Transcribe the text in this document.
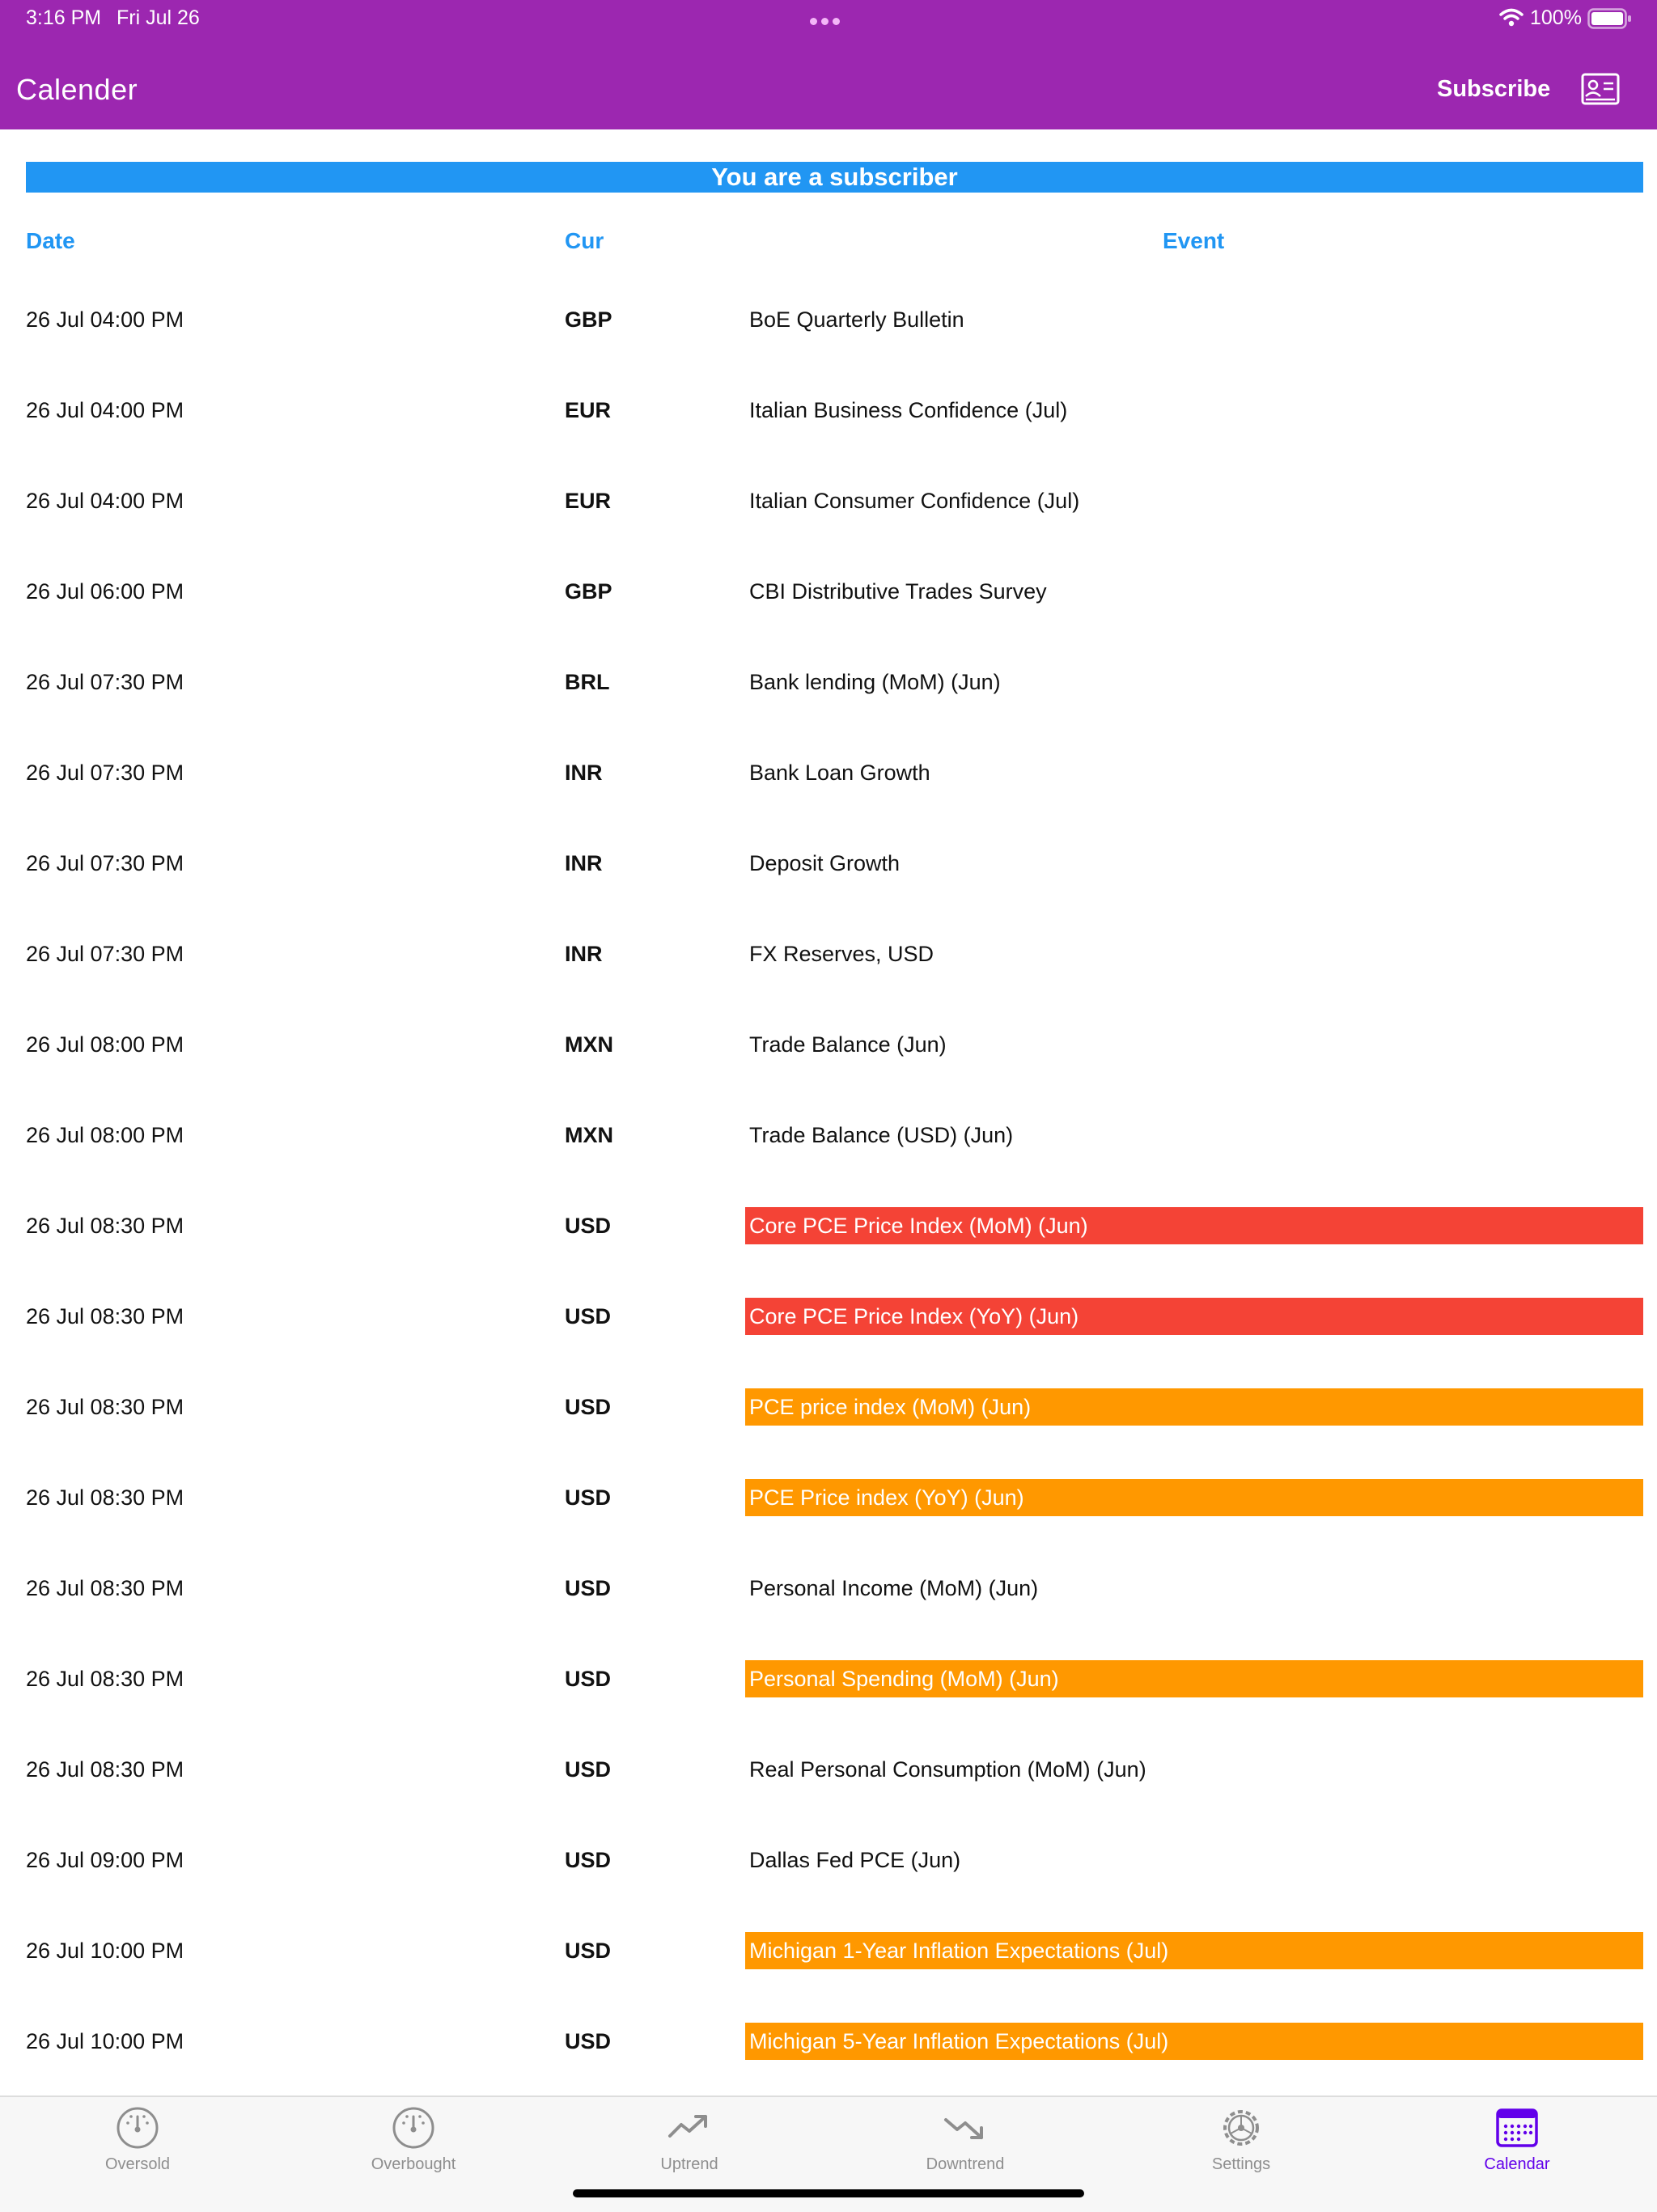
3:16 PM Fri Jul 26	100%
Calender	Subscribe
You are a subscriber
Date	Cur	Event
26 Jul 04:00 PM	GBP	BoE Quarterly Bulletin
26 Jul 04:00 PM	EUR	Italian Business Confidence (Jul)
26 Jul 04:00 PM	EUR	Italian Consumer Confidence (Jul)
26 Jul 06:00 PM	GBP	CBI Distributive Trades Survey
26 Jul 07:30 PM	BRL	Bank lending (MoM) (Jun)
26 Jul 07:30 PM	INR	Bank Loan Growth
26 Jul 07:30 PM	INR	Deposit Growth
26 Jul 07:30 PM	INR	FX Reserves, USD
26 Jul 08:00 PM	MXN	Trade Balance (Jun)
26 Jul 08:00 PM	MXN	Trade Balance (USD) (Jun)
26 Jul 08:30 PM	USD	Core PCE Price Index (MoM) (Jun)
26 Jul 08:30 PM	USD	Core PCE Price Index (YoY) (Jun)
26 Jul 08:30 PM	USD	PCE price index (MoM) (Jun)
26 Jul 08:30 PM	USD	PCE Price index (YoY) (Jun)
26 Jul 08:30 PM	USD	Personal Income (MoM) (Jun)
26 Jul 08:30 PM	USD	Personal Spending (MoM) (Jun)
26 Jul 08:30 PM	USD	Real Personal Consumption (MoM) (Jun)
26 Jul 09:00 PM	USD	Dallas Fed PCE (Jun)
26 Jul 10:00 PM	USD	Michigan 1-Year Inflation Expectations (Jul)
26 Jul 10:00 PM	USD	Michigan 5-Year Inflation Expectations (Jul)
Oversold	Overbought	Uptrend	Downtrend	Settings	Calendar
